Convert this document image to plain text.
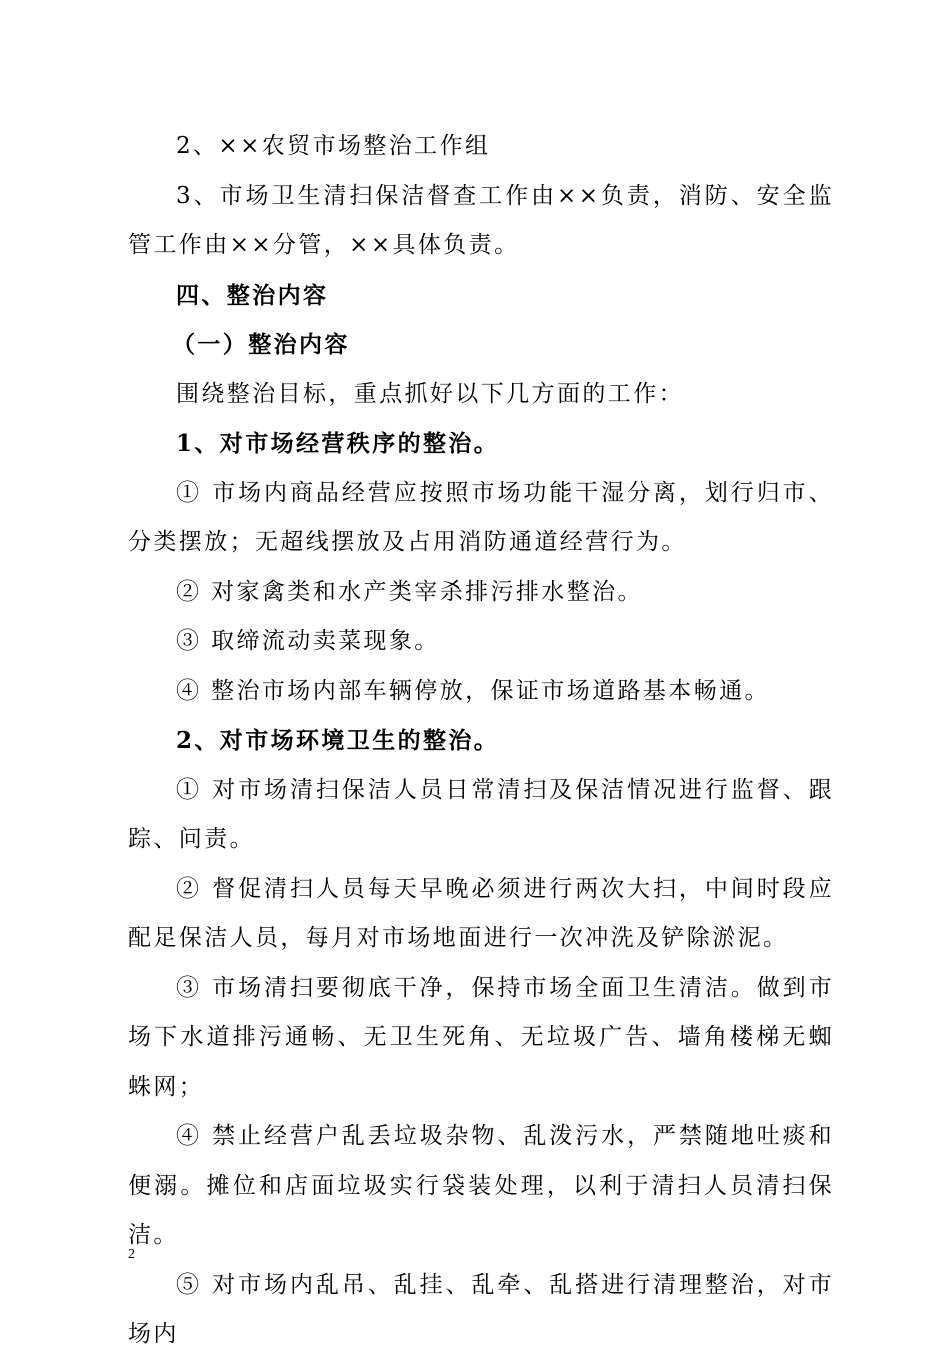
2、××农贸市场整治工作组

3、市场卫生清扫保洁督查工作由××负责，消防、安全监管工作由××分管，××具体负责。

四、整治内容

（一）整治内容

围绕整治目标，重点抓好以下几方面的工作：

1、对市场经营秩序的整治。

① 市场内商品经营应按照市场功能干湿分离，划行归市、分类摆放；无超线摆放及占用消防通道经营行为。

② 对家禽类和水产类宰杀排污排水整治。

③ 取缔流动卖菜现象。

④ 整治市场内部车辆停放，保证市场道路基本畅通。

2、对市场环境卫生的整治。

① 对市场清扫保洁人员日常清扫及保洁情况进行监督、跟踪、问责。

② 督促清扫人员每天早晚必须进行两次大扫，中间时段应配足保洁人员，每月对市场地面进行一次冲洗及铲除淤泥。

③ 市场清扫要彻底干净，保持市场全面卫生清洁。做到市场下水道排污通畅、无卫生死角、无垃圾广告、墙角楼梯无蜘蛛网；

④ 禁止经营户乱丢垃圾杂物、乱泼污水，严禁随地吐痰和便溺。摊位和店面垃圾实行袋装处理，以利于清扫人员清扫保洁。

⑤ 对市场内乱吊、乱挂、乱牵、乱搭进行清理整治，对市场内

2
